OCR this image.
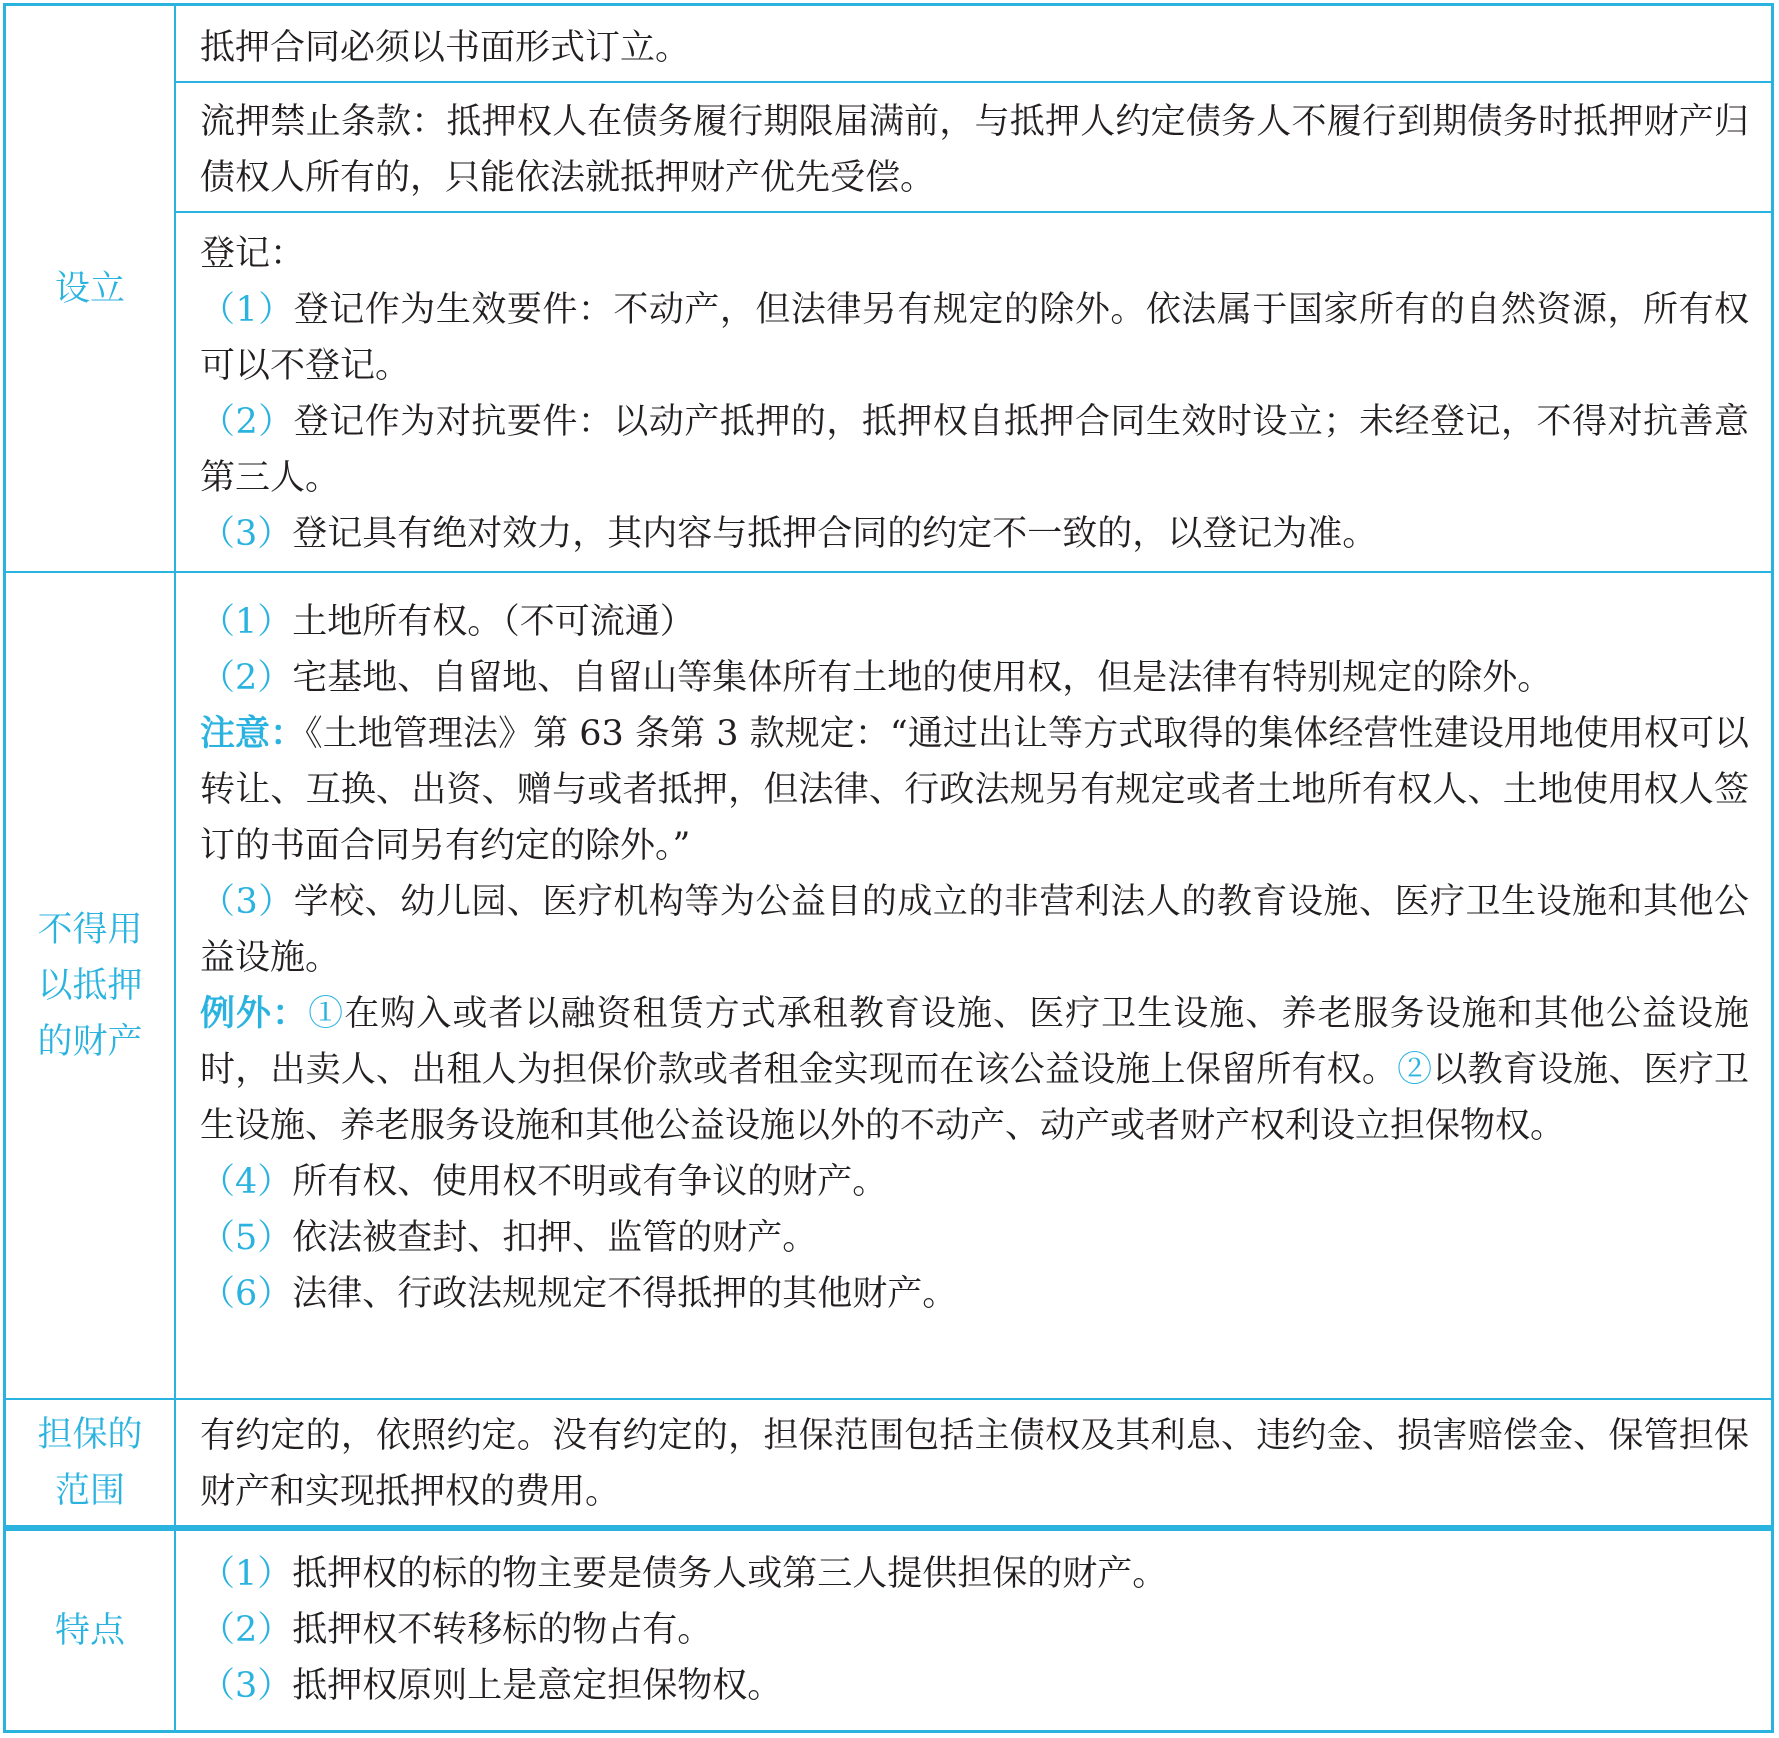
设立
抵押合同必须以书面形式订立。
流押禁止条款：抵押权人在债务履行期限届满前，与抵押人约定债务人不履行到期债务时抵押财产归债权人所有的，只能依法就抵押财产优先受偿。
登记：
（1）登记作为生效要件：不动产，但法律另有规定的除外。依法属于国家所有的自然资源，所有权可以不登记。
（2）登记作为对抗要件：以动产抵押的，抵押权自抵押合同生效时设立；未经登记，不得对抗善意第三人。
（3）登记具有绝对效力，其内容与抵押合同的约定不一致的，以登记为准。
不得用
以抵押
的财产
（1）土地所有权。（不可流通）
（2）宅基地、自留地、自留山等集体所有土地的使用权，但是法律有特别规定的除外。
注意：《土地管理法》第 63 条第 3 款规定：“通过出让等方式取得的集体经营性建设用地使用权可以转让、互换、出资、赠与或者抵押，但法律、行政法规另有规定或者土地所有权人、土地使用权人签订的书面合同另有约定的除外。”
（3）学校、幼儿园、医疗机构等为公益目的成立的非营利法人的教育设施、医疗卫生设施和其他公益设施。
例外：①在购入或者以融资租赁方式承租教育设施、医疗卫生设施、养老服务设施和其他公益设施时，出卖人、出租人为担保价款或者租金实现而在该公益设施上保留所有权。②以教育设施、医疗卫生设施、养老服务设施和其他公益设施以外的不动产、动产或者财产权利设立担保物权。
（4）所有权、使用权不明或有争议的财产。
（5）依法被查封、扣押、监管的财产。
（6）法律、行政法规规定不得抵押的其他财产。
担保的
范围
有约定的，依照约定。没有约定的，担保范围包括主债权及其利息、违约金、损害赔偿金、保管担保财产和实现抵押权的费用。
特点
（1）抵押权的标的物主要是债务人或第三人提供担保的财产。
（2）抵押权不转移标的物占有。
（3）抵押权原则上是意定担保物权。
